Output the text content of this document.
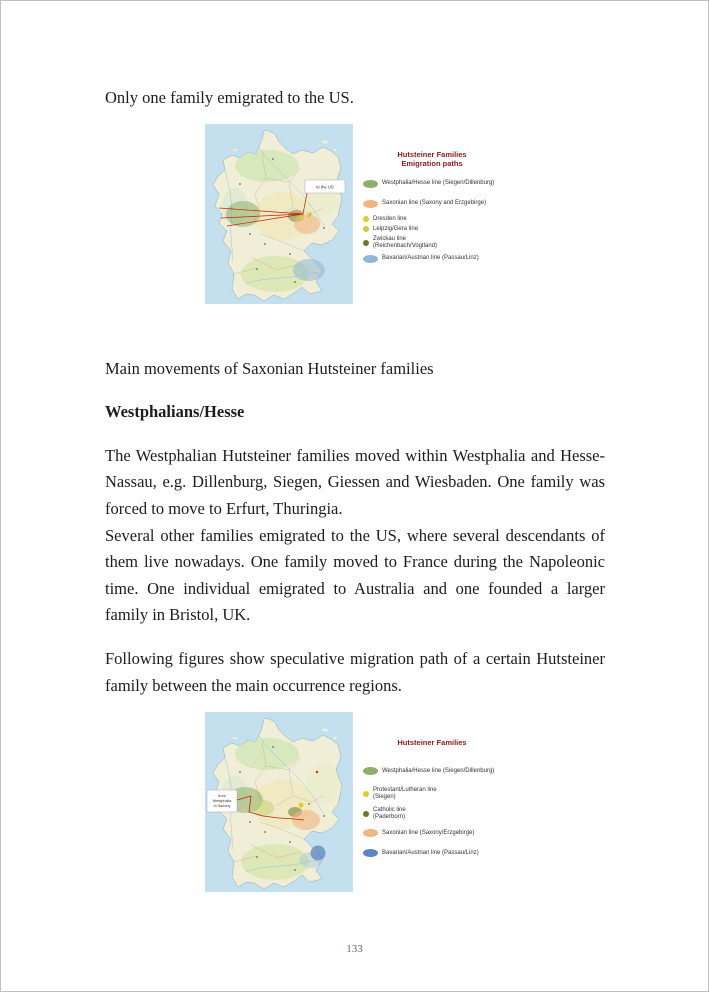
Only one family emigrated to the US.

to the US
Hutsteiner Families
Emigration paths
Westphalia/Hesse line (Siegen/Dillenburg)
Saxonian line (Saxony and Erzgebirge)
Dresden line
Leipzig/Gera line
Zwickau line
(Reichenbach/Vogtland)
Bavarian/Austrian line (Passau/Linz)

Main movements of Saxonian Hutsteiner families

Westphalians/Hesse

The Westphalian Hutsteiner families moved within Westphalia and Hesse-Nassau, e.g. Dillenburg, Siegen, Giessen and Wiesbaden. One family was forced to move to Erfurt, Thuringia.

Several other families emigrated to the US, where several descendants of them live nowadays. One family moved to France during the Napoleonic time. One individual emigrated to Australia and one founded a larger family in Bristol, UK.

Following figures show speculative migration path of a certain Hutsteiner family between the main occurrence regions.

from
Westphalia
to Saxony
Hutsteiner Families
Westphalia/Hesse line (Siegen/Dillenburg)
Protestant/Lutheran line
(Siegen)
Catholic line
(Paderborn)
Saxonian line (Saxony/Erzgebirge)
Bavarian/Austrian line (Passau/Linz)
133
